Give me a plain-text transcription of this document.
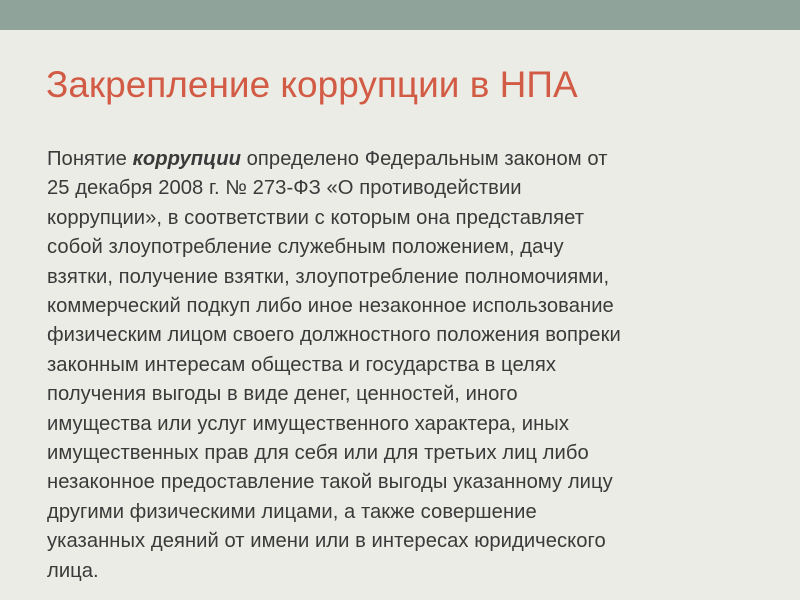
Закрепление коррупции в НПА
Понятие коррупции определено Федеральным законом от
25 декабря 2008 г. № 273-ФЗ «О противодействии
коррупции», в соответствии с которым она представляет
собой злоупотребление служебным положением, дачу
взятки, получение взятки, злоупотребление полномочиями,
коммерческий подкуп либо иное незаконное использование
физическим лицом своего должностного положения вопреки
законным интересам общества и государства в целях
получения выгоды в виде денег, ценностей, иного
имущества или услуг имущественного характера, иных
имущественных прав для себя или для третьих лиц либо
незаконное предоставление такой выгоды указанному лицу
другими физическими лицами, а также совершение
указанных деяний от имени или в интересах юридического
лица.
